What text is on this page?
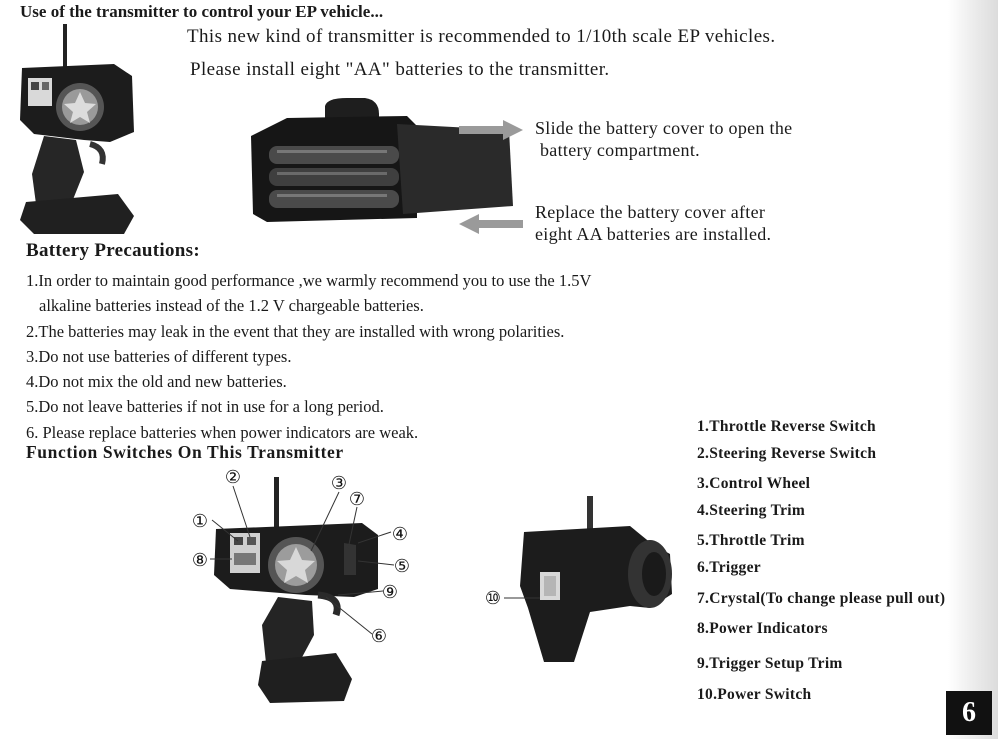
Use of the transmitter to control your EP vehicle...
This new kind of transmitter is recommended to 1/10th scale EP vehicles.
Please install eight "AA" batteries to the transmitter.
Slide the battery cover to open the
battery compartment.
Replace the battery cover after
eight AA batteries are installed.
Battery Precautions:
1.In order to maintain good performance ,we warmly recommend you to use the 1.5V
alkaline batteries instead of the 1.2 V chargeable batteries.
2.The batteries may leak in the event that they are installed with wrong polarities.
3.Do not use batteries of different types.
4.Do not mix the old and new batteries.
5.Do not leave batteries if not in use for a long period.
6. Please replace batteries when power indicators are weak.
Function Switches On This Transmitter
①
②	③
④
⑤
⑥
⑦
⑧
⑨	⑩
1.Throttle Reverse Switch
2.Steering Reverse Switch
3.Control Wheel
4.Steering Trim
5.Throttle Trim
6.Trigger
7.Crystal(To change please pull out)
8.Power Indicators
9.Trigger Setup Trim
10.Power Switch
6
